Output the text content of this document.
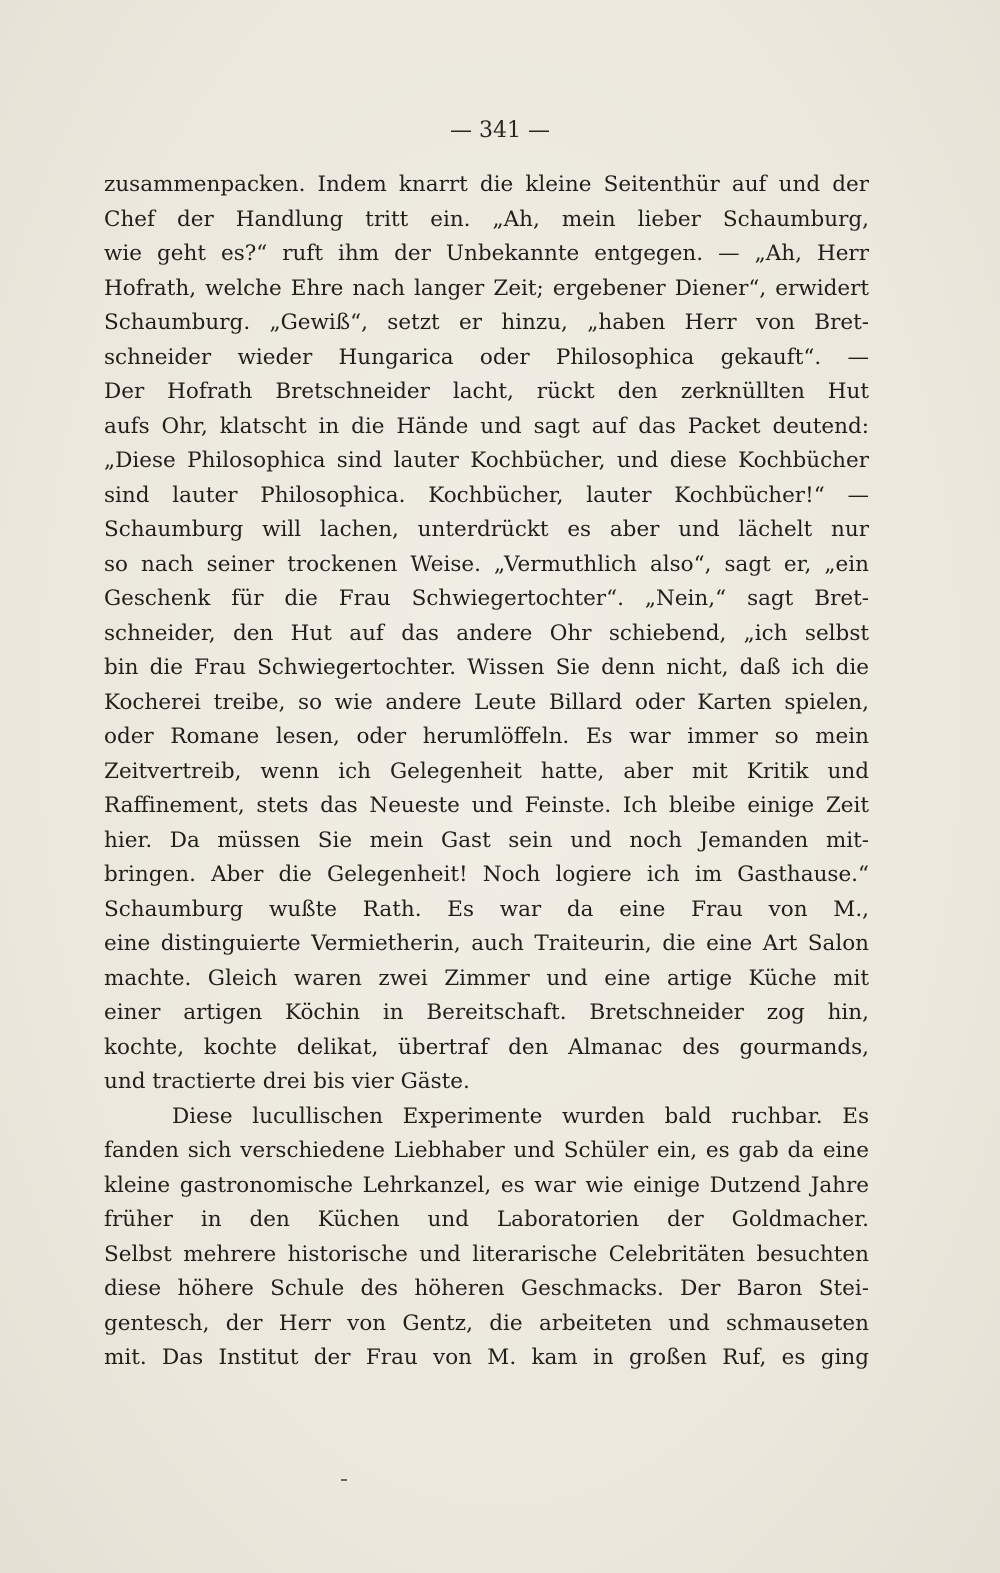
— 341 —
zusammenpacken. Indem knarrt die kleine Seitenthür auf und der
Chef der Handlung tritt ein. „Ah, mein lieber Schaumburg,
wie geht es?“ ruft ihm der Unbekannte entgegen. — „Ah, Herr
Hofrath, welche Ehre nach langer Zeit; ergebener Diener“, erwidert
Schaumburg. „Gewiß“, setzt er hinzu, „haben Herr von Bret-
schneider wieder Hungarica oder Philosophica gekauft“. —
Der Hofrath Bretschneider lacht, rückt den zerknüllten Hut
aufs Ohr, klatscht in die Hände und sagt auf das Packet deutend:
„Diese Philosophica sind lauter Kochbücher, und diese Kochbücher
sind lauter Philosophica. Kochbücher, lauter Kochbücher!“ —
Schaumburg will lachen, unterdrückt es aber und lächelt nur
so nach seiner trockenen Weise. „Vermuthlich also“, sagt er, „ein
Geschenk für die Frau Schwiegertochter“. „Nein,“ sagt Bret-
schneider, den Hut auf das andere Ohr schiebend, „ich selbst
bin die Frau Schwiegertochter. Wissen Sie denn nicht, daß ich die
Kocherei treibe, so wie andere Leute Billard oder Karten spielen,
oder Romane lesen, oder herumlöffeln. Es war immer so mein
Zeitvertreib, wenn ich Gelegenheit hatte, aber mit Kritik und
Raffinement, stets das Neueste und Feinste. Ich bleibe einige Zeit
hier. Da müssen Sie mein Gast sein und noch Jemanden mit-
bringen. Aber die Gelegenheit! Noch logiere ich im Gasthause.“
Schaumburg wußte Rath. Es war da eine Frau von M.,
eine distinguierte Vermietherin, auch Traiteurin, die eine Art Salon
machte. Gleich waren zwei Zimmer und eine artige Küche mit
einer artigen Köchin in Bereitschaft. Bretschneider zog hin,
kochte, kochte delikat, übertraf den Almanac des gourmands,
und tractierte drei bis vier Gäste.
Diese lucullischen Experimente wurden bald ruchbar. Es
fanden sich verschiedene Liebhaber und Schüler ein, es gab da eine
kleine gastronomische Lehrkanzel, es war wie einige Dutzend Jahre
früher in den Küchen und Laboratorien der Goldmacher.
Selbst mehrere historische und literarische Celebritäten besuchten
diese höhere Schule des höheren Geschmacks. Der Baron Stei-
gentesch, der Herr von Gentz, die arbeiteten und schmauseten
mit. Das Institut der Frau von M. kam in großen Ruf, es ging
